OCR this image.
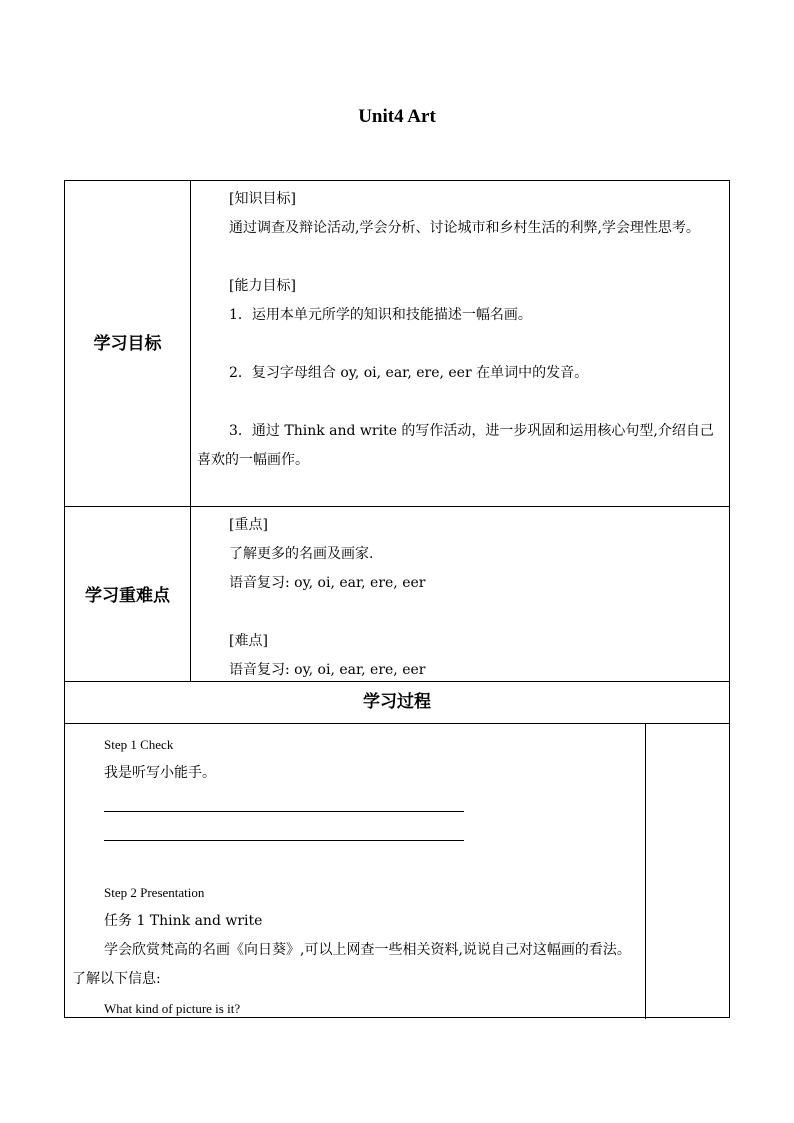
Unit4 Art
学习目标

[知识目标]

通过调查及辩论活动,学会分析、讨论城市和乡村生活的利弊,学会理性思考。

[能力目标]

1．运用本单元所学的知识和技能描述一幅名画。

2．复习字母组合 oy, oi, ear, ere, eer 在单词中的发音。

3．通过 Think and write 的写作活动，进一步巩固和运用核心句型,介绍自己喜欢的一幅画作。

学习重难点

[重点]

了解更多的名画及画家.

语音复习: oy, oi, ear, ere, eer

[难点]

语音复习: oy, oi, ear, ere, eer

学习过程

Step 1 Check

我是听写小能手。

Step 2 Presentation

任务 1 Think and write

学会欣赏梵高的名画《向日葵》,可以上网查一些相关资料,说说自己对这幅画的看法。了解以下信息:

What kind of picture is it?
